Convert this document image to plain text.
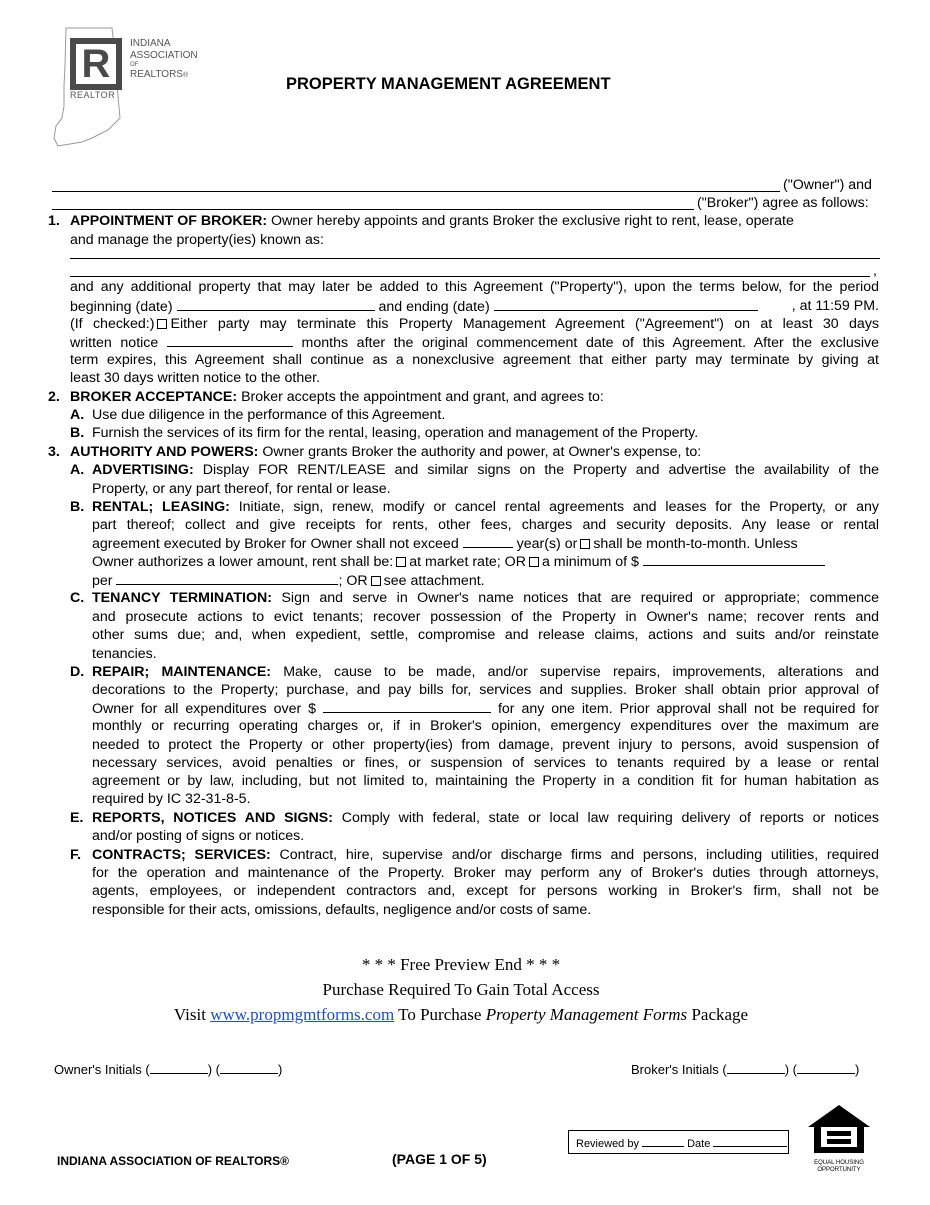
R
REALTOR
INDIANA
ASSOCIATION
OF
REALTORS®	PROPERTY MANAGEMENT AGREEMENT
("Owner") and
("Broker") agree as follows:
1. APPOINTMENT OF BROKER: Owner hereby appoints and grants Broker the exclusive right to rent, lease, operate
and manage the property(ies) known as:
,
and any additional property that may later be added to this Agreement ("Property"), upon the terms below, for the period
beginning (date)	and ending (date)	, at 11:59 PM.
(If checked:) Either party may terminate this Property Management Agreement ("Agreement") on at least 30 days
written notice	months after the original commencement date of this Agreement. After the exclusive
term expires, this Agreement shall continue as a nonexclusive agreement that either party may terminate by giving at
least 30 days written notice to the other.
2. BROKER ACCEPTANCE: Broker accepts the appointment and grant, and agrees to:
A. Use due diligence in the performance of this Agreement.
B. Furnish the services of its firm for the rental, leasing, operation and management of the Property.
3. AUTHORITY AND POWERS: Owner grants Broker the authority and power, at Owner's expense, to:
A. ADVERTISING: Display FOR RENT/LEASE and similar signs on the Property and advertise the availability of the
Property, or any part thereof, for rental or lease.
B. RENTAL; LEASING: Initiate, sign, renew, modify or cancel rental agreements and leases for the Property, or any
part thereof; collect and give receipts for rents, other fees, charges and security deposits. Any lease or rental
agreement executed by Broker for Owner shall not exceed	year(s) or shall be month-to-month. Unless
Owner authorizes a lower amount, rent shall be: at market rate; OR a minimum of $
per	; OR see attachment.
C. TENANCY TERMINATION: Sign and serve in Owner's name notices that are required or appropriate; commence
and prosecute actions to evict tenants; recover possession of the Property in Owner's name; recover rents and
other sums due; and, when expedient, settle, compromise and release claims, actions and suits and/or reinstate
tenancies.
D. REPAIR; MAINTENANCE: Make, cause to be made, and/or supervise repairs, improvements, alterations and
decorations to the Property; purchase, and pay bills for, services and supplies. Broker shall obtain prior approval of
Owner for all expenditures over $	for any one item. Prior approval shall not be required for
monthly or recurring operating charges or, if in Broker's opinion, emergency expenditures over the maximum are
needed to protect the Property or other property(ies) from damage, prevent injury to persons, avoid suspension of
necessary services, avoid penalties or fines, or suspension of services to tenants required by a lease or rental
agreement or by law, including, but not limited to, maintaining the Property in a condition fit for human habitation as
required by IC 32-31-8-5.
E. REPORTS, NOTICES AND SIGNS: Comply with federal, state or local law requiring delivery of reports or notices
and/or posting of signs or notices.
F. CONTRACTS; SERVICES: Contract, hire, supervise and/or discharge firms and persons, including utilities, required
for the operation and maintenance of the Property. Broker may perform any of Broker's duties through attorneys,
agents, employees, or independent contractors and, except for persons working in Broker's firm, shall not be
responsible for their acts, omissions, defaults, negligence and/or costs of same.
* * * Free Preview End * * *
Purchase Required To Gain Total Access
Visit www.propmgmtforms.com To Purchase Property Management Forms Package
Owner's Initials (	) (	)	Broker's Initials (	) (	)
Reviewed by	Date
EQUAL HOUSING
OPPORTUNITY
INDIANA ASSOCIATION OF REALTORS®	(PAGE 1 OF 5)
